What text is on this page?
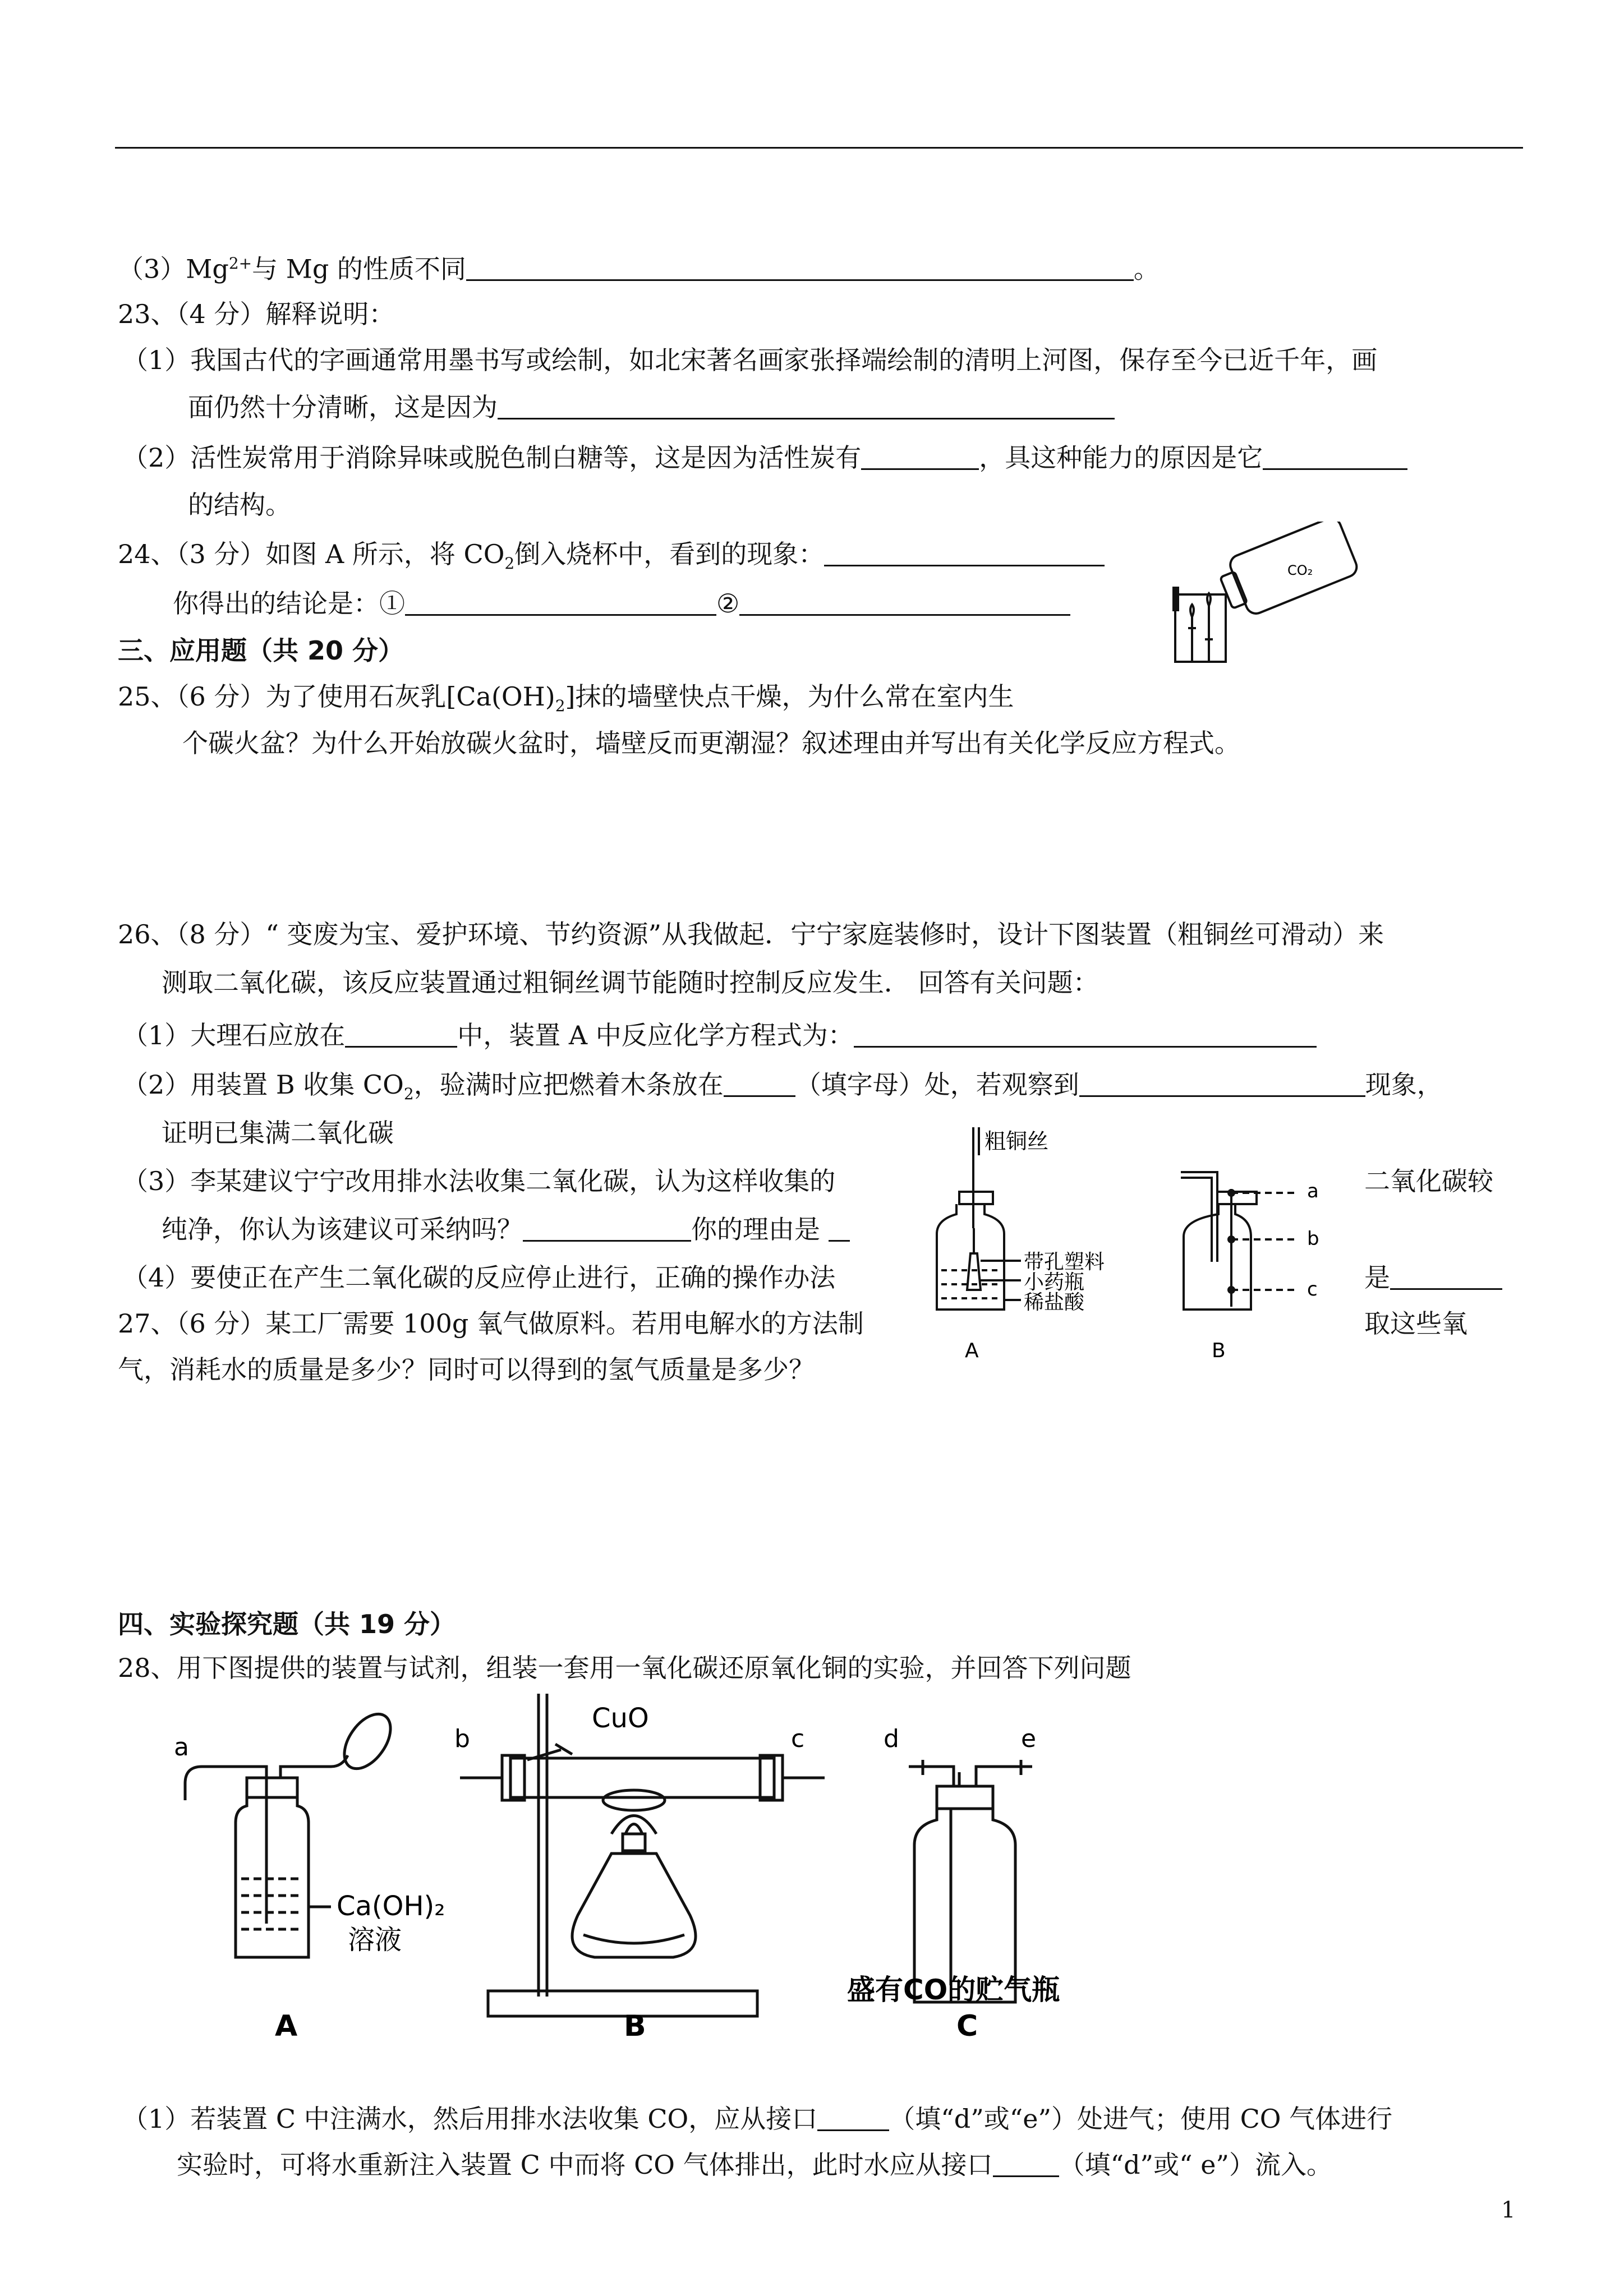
$(3)Mg^{2+}$与 Mg 的性质不同	。
23、（4 分）解释说明：
（1）我国古代的字画通常用墨书写或绘制，如北宋著名画家张择端绘制的清明上河图，保存至今已近千年，画
面仍然十分清晰，这是因为
（2）活性炭常用于消除异味或脱色制白糖等，这是因为活性炭有	，具这种能力的原因是它
的结构。
24、（3 分）如图 A 所示，将 $CO_2$倒入烧杯中，看到的现象：
你得出的结论是：①	②
CO₂
三、应用题（共 20 分）
25、（6 分）为了使用石灰乳$[Ca(OH)_2]$抹的墙壁快点干燥，为什么常在室内生
个碳火盆？为什么开始放碳火盆时，墙壁反而更潮湿？叙述理由并写出有关化学反应方程式。
26、（8 分）“ 变废为宝、爱护环境、节约资源”从我做起．宁宁家庭装修时，设计下图装置（粗铜丝可滑动）来
测取二氧化碳，该反应装置通过粗铜丝调节能随时控制反应发生． 回答有关问题：
（1）大理石应放在	中，装置 A 中反应化学方程式为：
（2）用装置 B 收集 $CO_2$，验满时应把燃着木条放在	（填字母）处，若观察到	现象，
证明已集满二氧化碳
（3）李某建议宁宁改用排水法收集二氧化碳，认为这样收集的	二氧化碳较
纯净，你认为该建议可采纳吗？	你的理由是
（4）要使正在产生二氧化碳的反应停止进行，正确的操作办法	是
粗铜丝
带孔塑料
小药瓶
稀盐酸
A	B
a
b
c
27、（6 分）某工厂需要 100g 氧气做原料。若用电解水的方法制	取这些氧
气，消耗水的质量是多少？同时可以得到的氢气质量是多少？
四、实验探究题（共 19 分）
28、用下图提供的装置与试剂，组装一套用一氧化碳还原氧化铜的实验，并回答下列问题
a	b	c	d	e
CuO
Ca(OH)₂
溶液
盛有CO的贮气瓶
A	B	C
（1）若装置 C 中注满水，然后用排水法收集 CO，应从接口	（填“d”或“e”）处进气；使用 CO 气体进行
实验时，可将水重新注入装置 C 中而将 CO 气体排出，此时水应从接口	（填“d”或“ e”）流入。
1
